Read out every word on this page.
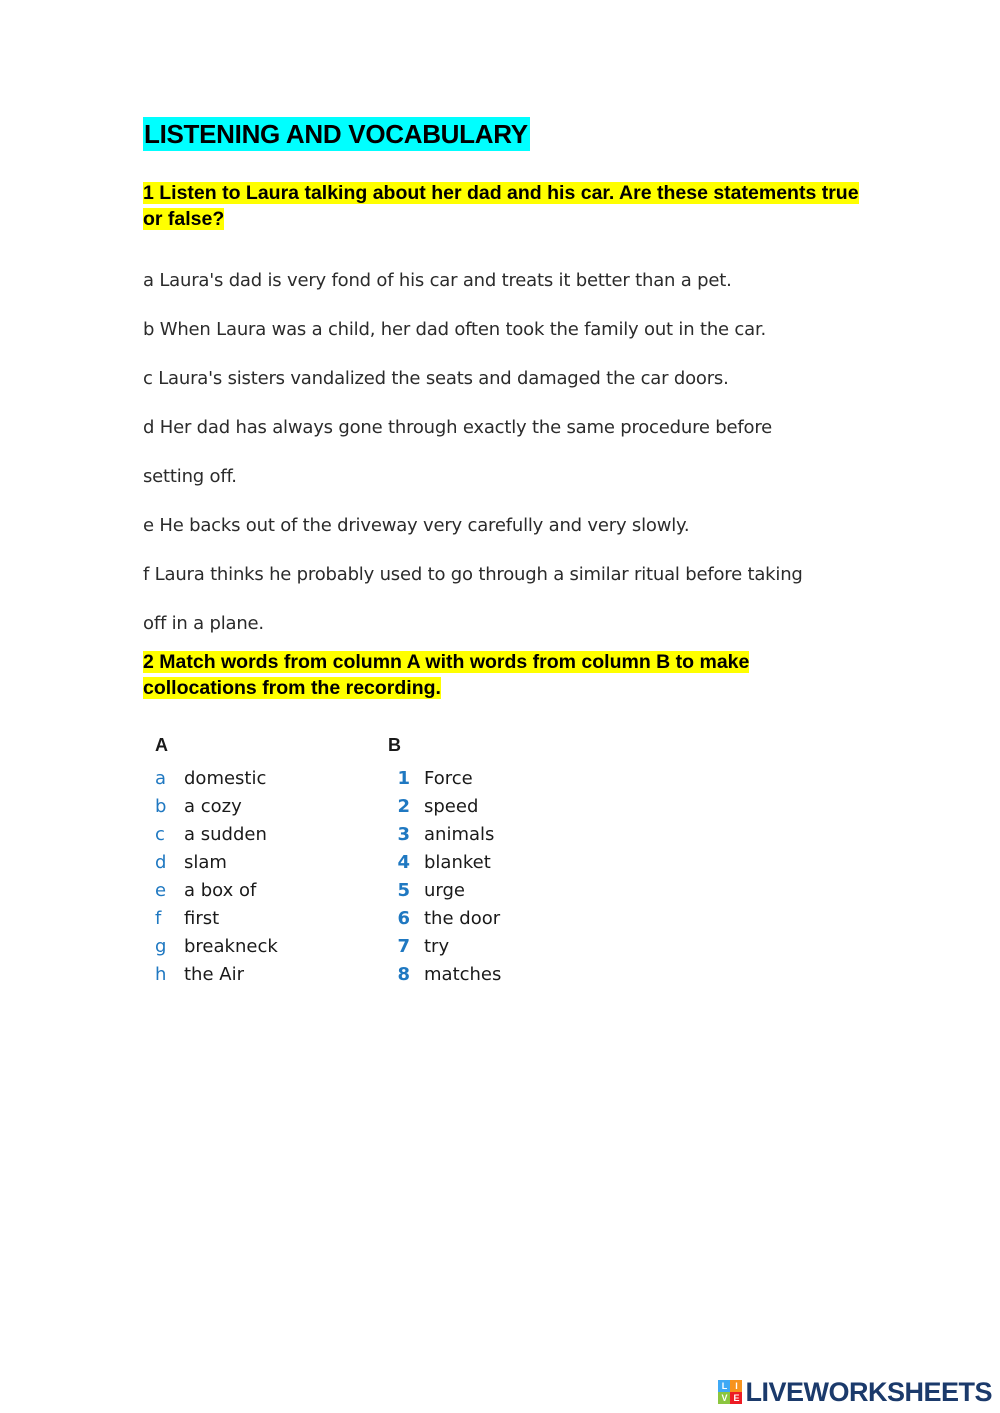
LISTENING AND VOCABULARY

1 Listen to Laura talking about her dad and his car. Are these statements true or false?

a Laura's dad is very fond of his car and treats it better than a pet.
b When Laura was a child, her dad often took the family out in the car.
c Laura's sisters vandalized the seats and damaged the car doors.
d Her dad has always gone through exactly the same procedure before
setting off.
e He backs out of the driveway very carefully and very slowly.
f Laura thinks he probably used to go through a similar ritual before taking
off in a plane.

2 Match words from column A with words from column B to make collocations from the recording.

A
a domestic
b a cozy
c	a sudden
d slam
e a box of
f	first
g breakneck
h the Air
B
1 Force
2 speed
3 animals
4 blanket
5 urge
6 the door
7 try
8 matches
L I
V E LIVEWORKSHEETS
